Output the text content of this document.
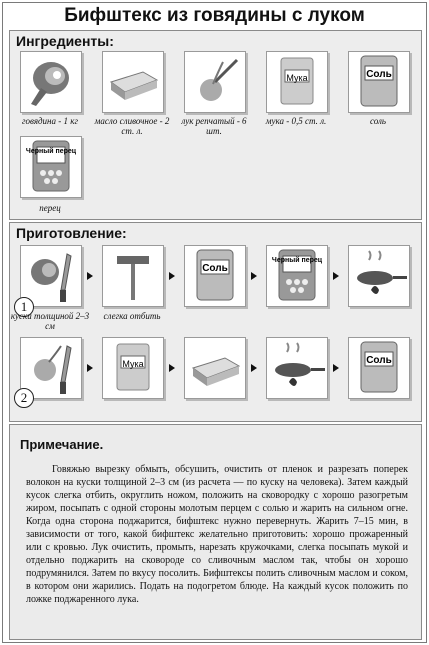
Бифштекс из говядины с луком
Ингредиенты:
говядина - 1 кг	масло сливочное - 2 ст. л.
лук репчатый - 6 шт.
Мука
мука - 0,5 ст. л.
Соль
соль
Черный перец
перец
Приготовление:
1
куски толщиной 2–3 см
слегка отбить
Соль
Черный перец
2
Мука	Соль
Примечание.
Говяжью вырезку обмыть, обсушить, очистить от пленок и разрезать поперек волокон на куски толщиной 2–3 см (из расчета — по куску на человека). Затем каждый кусок слегка отбить, округлить ножом, положить на сковородку с хорошо разогретым жиром, посыпать с одной стороны молотым перцем с солью и жарить на сильном огне. Когда одна сторона поджарится, бифштекс нужно перевернуть. Жарить 7–15 мин, в зависимости от того, какой бифштекс желательно приготовить: хорошо прожаренный или с кровью. Лук очистить, промыть, нарезать кружочками, слегка посыпать мукой и отдельно поджарить на сковороде со сливочным маслом так, чтобы он хорошо подрумянился. Затем по вкусу посолить. Бифштексы полить сливочным маслом и соком, в котором они жарились. Подать на подогретом блюде. На каждый кусок положить по ложке поджаренного лука.
